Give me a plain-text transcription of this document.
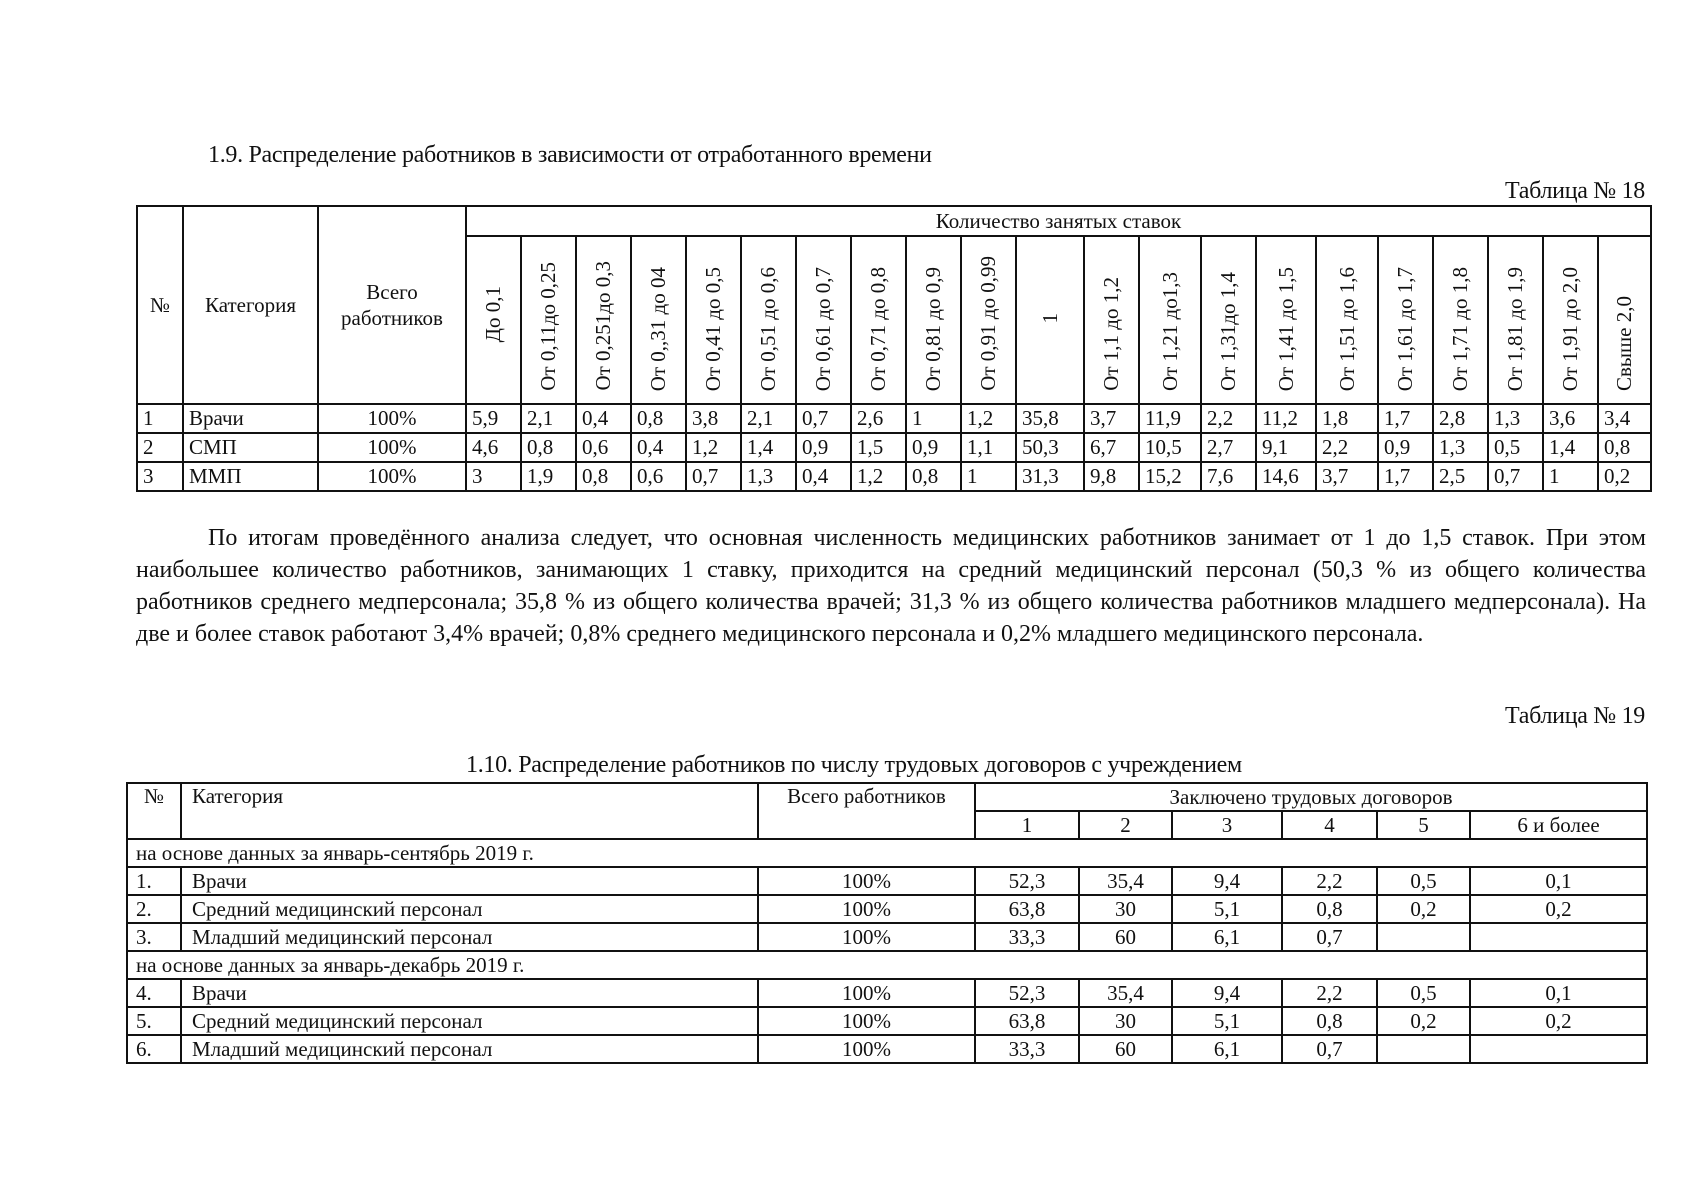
1.9. Распределение работников в зависимости от отработанного времени
Таблица № 18
№	Категория	Всего работников	Количество занятых ставок																				
			До 0,1	От 0,11до 0,25	От 0,251до 0,3	От 0,,31 до 04	От 0,41 до 0,5	От 0,51 до 0,6	От 0,61 до 0,7	От 0,71 до 0,8	От 0,81 до 0,9	От 0,91 до 0,99	1	От 1,1 до 1,2	От 1,21 до1,3	От 1,31до 1,4	От 1,41 до 1,5	От 1,51 до 1,6	От 1,61 до 1,7	От 1,71 до 1,8	От 1,81 до 1,9	От 1,91 до 2,0	Свыше 2,0
1	Врачи	100%	5,9	2,1	0,4	0,8	3,8	2,1	0,7	2,6	1	1,2	35,8	3,7	11,9	2,2	11,2	1,8	1,7	2,8	1,3	3,6	3,4
2	СМП	100%	4,6	0,8	0,6	0,4	1,2	1,4	0,9	1,5	0,9	1,1	50,3	6,7	10,5	2,7	9,1	2,2	0,9	1,3	0,5	1,4	0,8
3	ММП	100%	3	1,9	0,8	0,6	0,7	1,3	0,4	1,2	0,8	1	31,3	9,8	15,2	7,6	14,6	3,7	1,7	2,5	0,7	1	0,2

По итогам проведённого анализа следует, что основная численность медицинских работников занимает от 1 до 1,5 ставок. При этом наибольшее количество работников, занимающих 1 ставку, приходится на средний медицинский персонал (50,3 % из общего количества работников среднего медперсонала; 35,8 % из общего количества врачей; 31,3 % из общего количества работников младшего медперсонала). На две и более ставок работают 3,4% врачей; 0,8% среднего медицинского персонала и 0,2% младшего медицинского персонала.

Таблица № 19
1.10. Распределение работников по числу трудовых договоров с учреждением
№	Категория	Всего работников	Заключено трудовых договоров					
			1	2	3	4	5	6 и более
на основе данных за январь-сентябрь 2019 г.								
1.	Врачи	100%	52,3	35,4	9,4	2,2	0,5	0,1
2.	Средний медицинский персонал	100%	63,8	30	5,1	0,8	0,2	0,2
3.	Младший медицинский персонал	100%	33,3	60	6,1	0,7		
на основе данных за январь-декабрь 2019 г.								
4.	Врачи	100%	52,3	35,4	9,4	2,2	0,5	0,1
5.	Средний медицинский персонал	100%	63,8	30	5,1	0,8	0,2	0,2
6.	Младший медицинский персонал	100%	33,3	60	6,1	0,7		
